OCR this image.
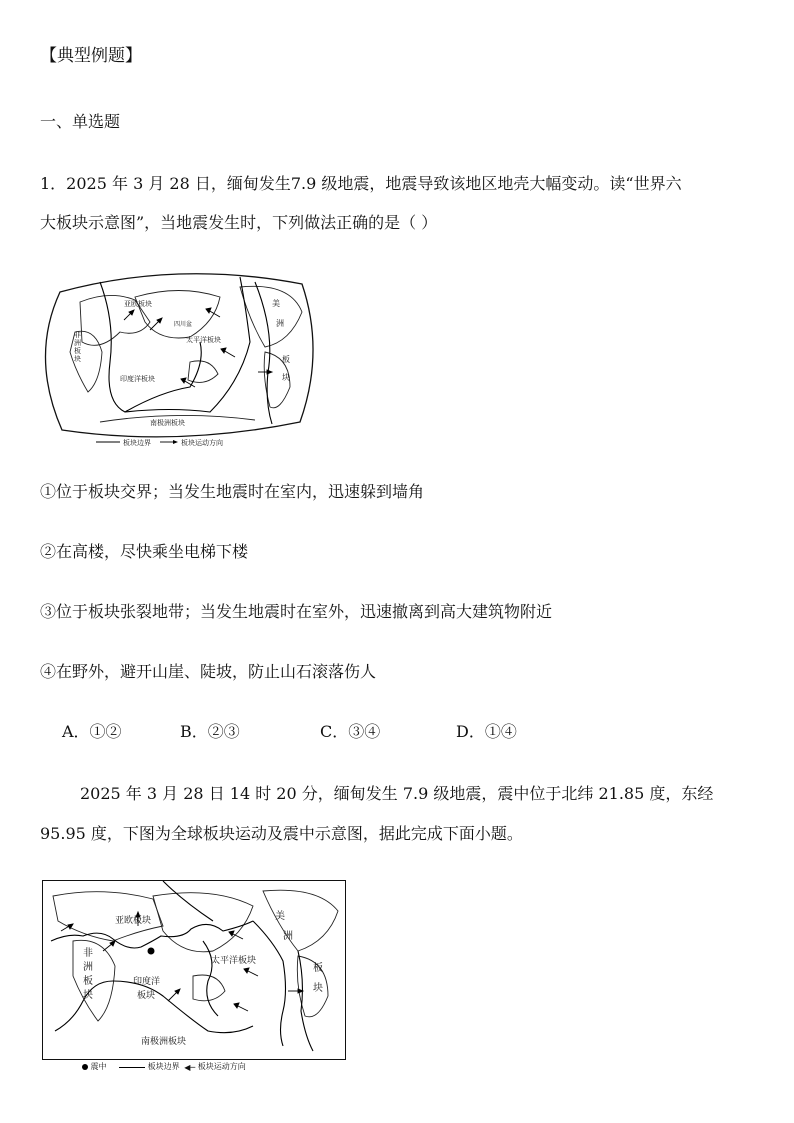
【典型例题】
一、单选题
1．2025 年 3 月 28 日，缅甸发生7.9 级地震，地震导致该地区地壳大幅变动。读“世界六
大板块示意图”，当地震发生时，下列做法正确的是（ ）
亚欧板块	美
洲
非
洲
板
块
四川盆
太平洋板块
印度洋板块
南极洲板块
板
块
板块边界	板块运动方向
①位于板块交界；当发生地震时在室内，迅速躲到墙角
②在高楼，尽快乘坐电梯下楼
③位于板块张裂地带；当发生地震时在室外，迅速撤离到高大建筑物附近
④在野外，避开山崖、陡坡，防止山石滚落伤人
A．①②	B．②③	C．③④	D．①④
2025 年 3 月 28 日 14 时 20 分，缅甸发生 7.9 级地震，震中位于北纬 21.85 度，东经
95.95 度，下图为全球板块运动及震中示意图，据此完成下面小题。
亚欧板块	美
洲
非
洲
板
块
印度洋
板块
太平洋板块
南极洲板块
板
块
震中	板块边界 ◀─ 板块运动方向
